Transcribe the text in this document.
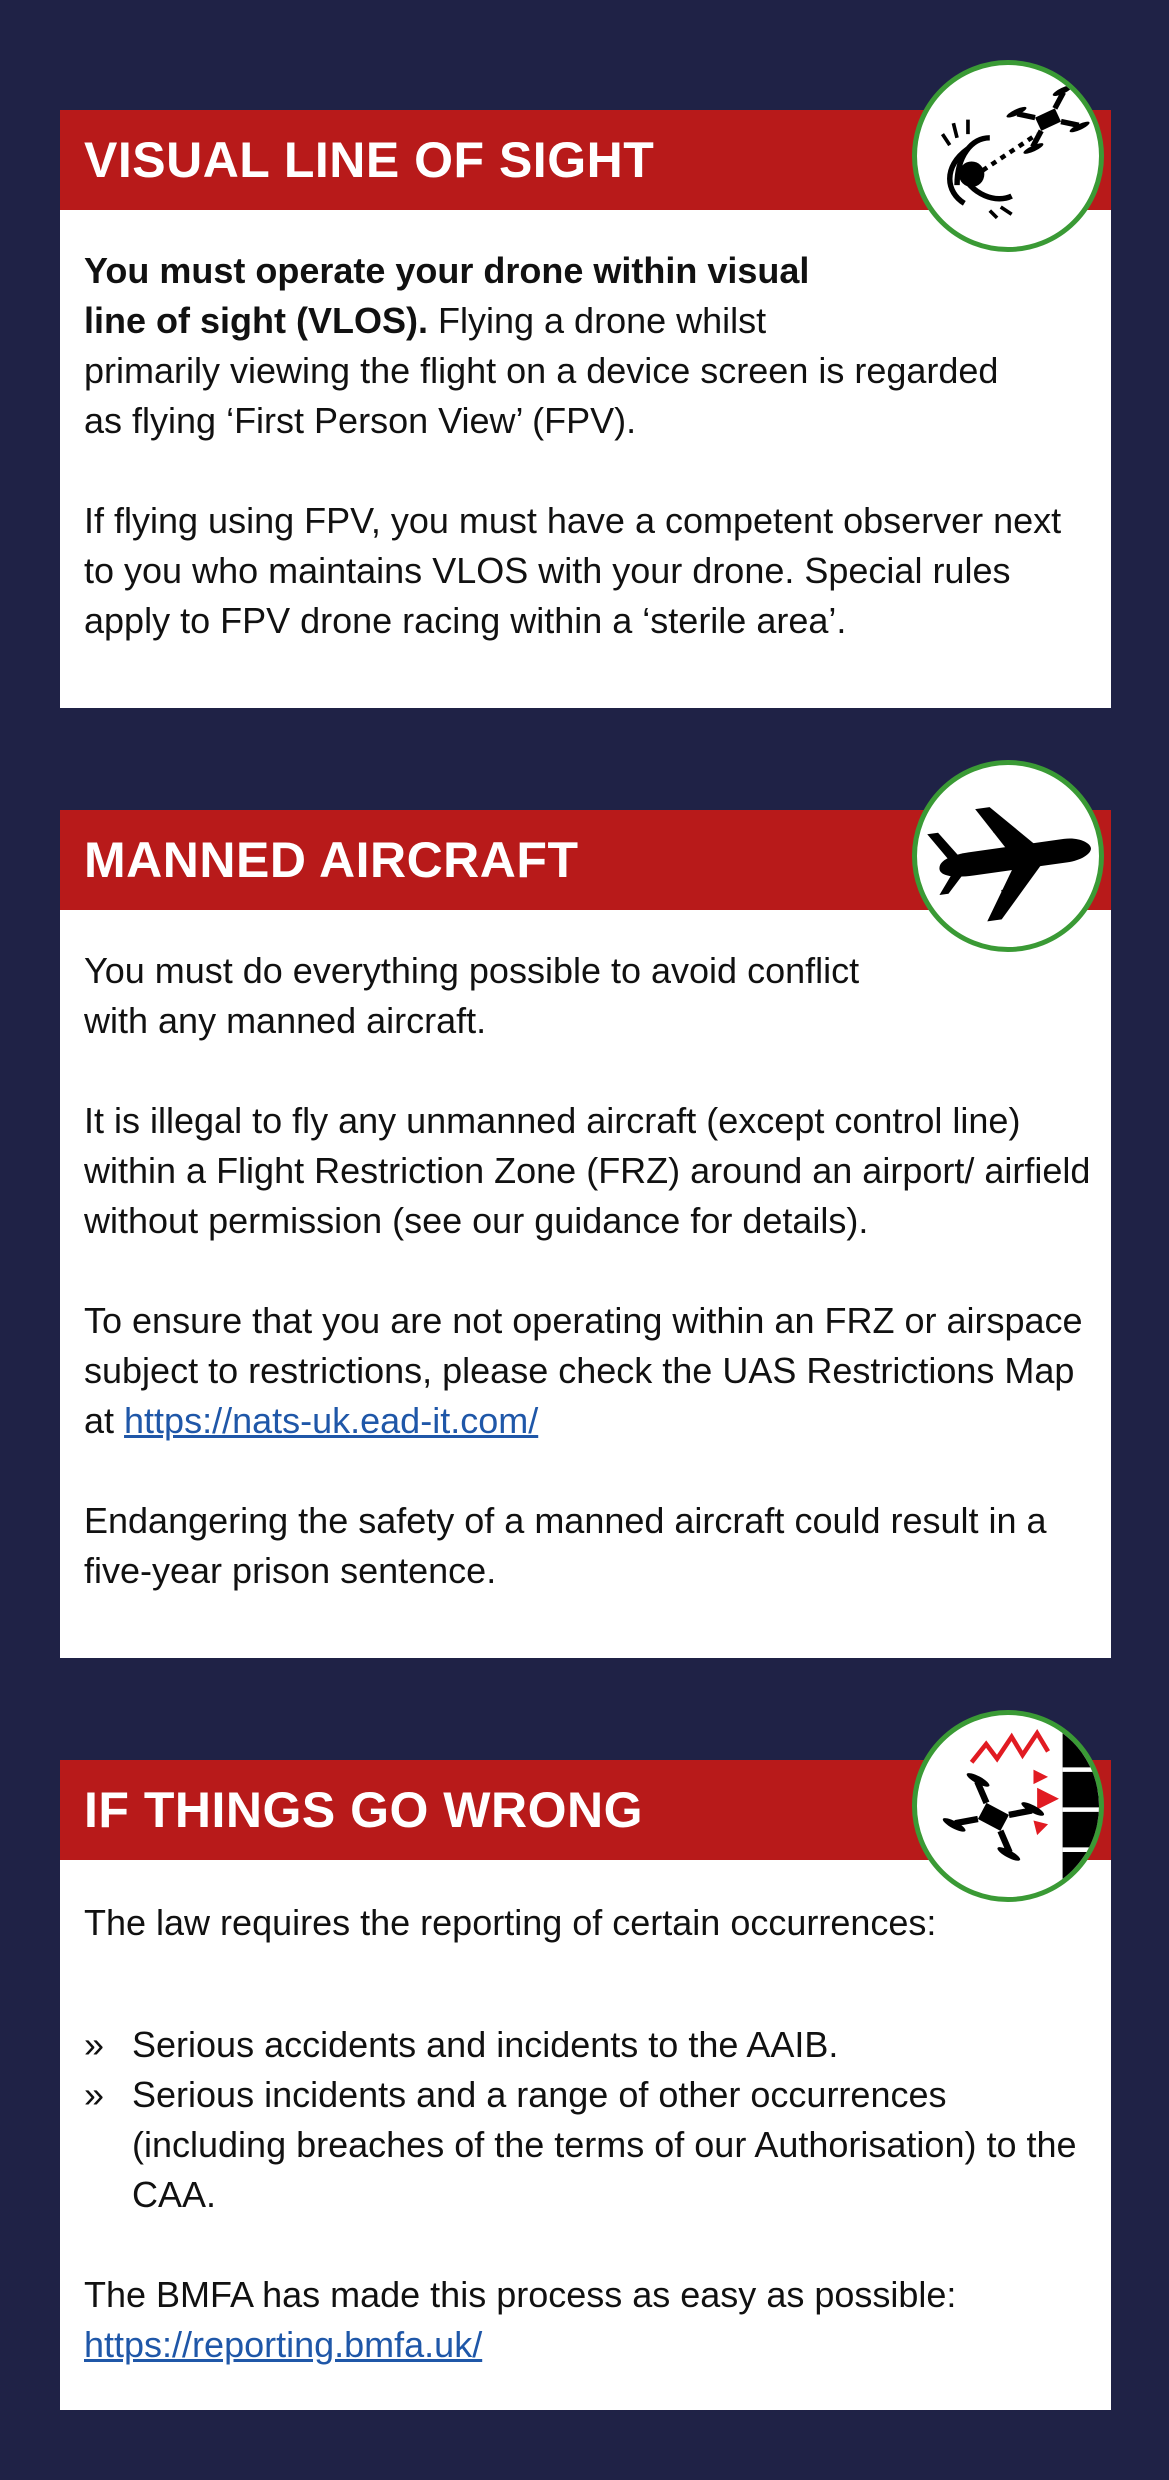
VISUAL LINE OF SIGHT
You must operate your drone within visual
line of sight (VLOS). Flying a drone whilst
primarily viewing the flight on a device screen is regarded as flying ‘First Person View’ (FPV).
If flying using FPV, you must have a competent observer next to you who maintains VLOS with your drone. Special rules apply to FPV drone racing within a ‘sterile area’.
MANNED AIRCRAFT
You must do everything possible to avoid conflict with any manned aircraft.
It is illegal to fly any unmanned aircraft (except control line) within a Flight Restriction Zone (FRZ) around an airport/ airfield without permission (see our guidance for details).
To ensure that you are not operating within an FRZ or airspace subject to restrictions, please check the UAS Restrictions Map at https://nats-uk.ead-it.com/
Endangering the safety of a manned aircraft could result in a five-year prison sentence.
IF THINGS GO WRONG
The law requires the reporting of certain occurrences:
» Serious accidents and incidents to the AAIB.
» Serious incidents and a range of other occurrences (including breaches of the terms of our Authorisation) to the CAA.
The BMFA has made this process as easy as possible:
https://reporting.bmfa.uk/
